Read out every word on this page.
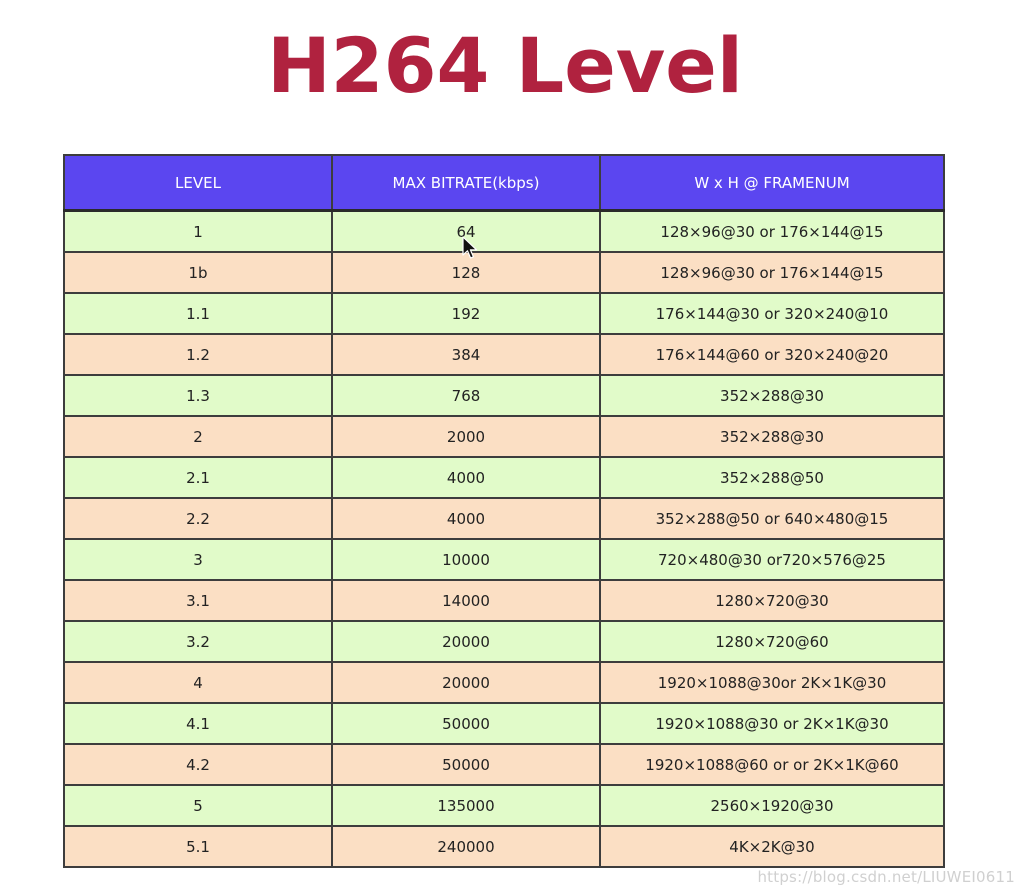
H264 Level
LEVEL	MAX BITRATE(kbps)	W x H @ FRAMENUM
1	64	128×96@30 or 176×144@15
1b	128	128×96@30 or 176×144@15
1.1	192	176×144@30 or 320×240@10
1.2	384	176×144@60 or 320×240@20
1.3	768	352×288@30
2	2000	352×288@30
2.1	4000	352×288@50
2.2	4000	352×288@50 or 640×480@15
3	10000	720×480@30 or720×576@25
3.1	14000	1280×720@30
3.2	20000	1280×720@60
4	20000	1920×1088@30or 2K×1K@30
4.1	50000	1920×1088@30 or 2K×1K@30
4.2	50000	1920×1088@60 or or 2K×1K@60
5	135000	2560×1920@30
5.1	240000	4K×2K@30
https://blog.csdn.net/LIUWEI0611
